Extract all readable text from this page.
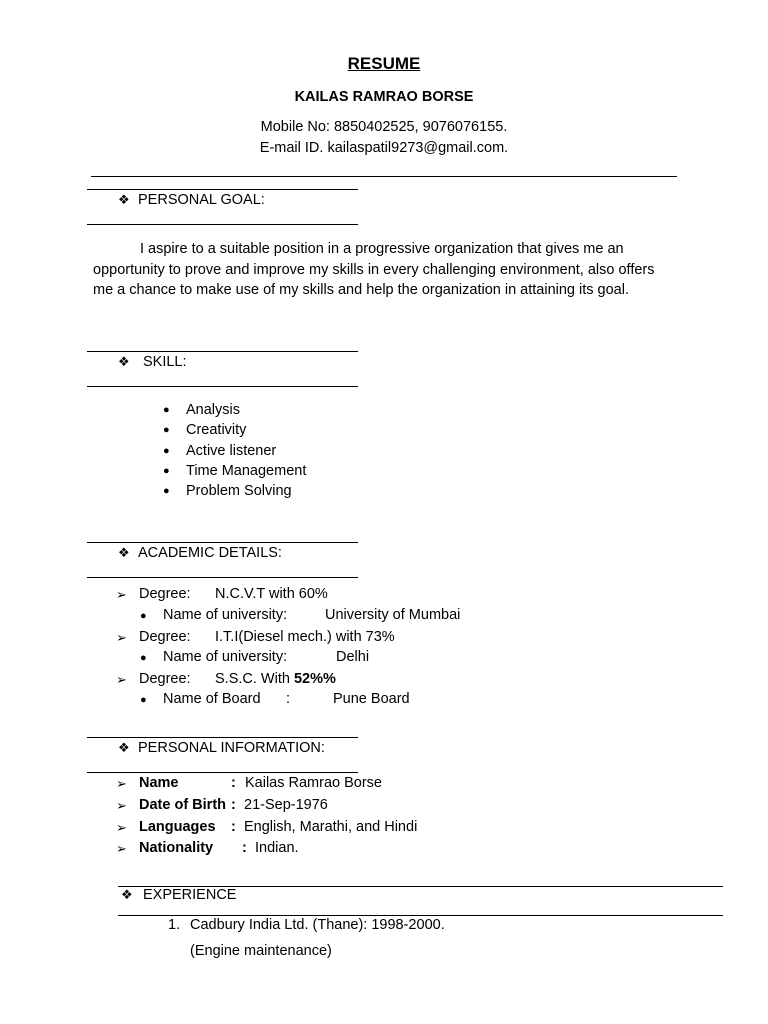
RESUME
KAILAS RAMRAO BORSE
Mobile No: 8850402525, 9076076155.
E-mail ID. kailaspatil9273@gmail.com.
❖ PERSONAL GOAL:
I aspire to a suitable position in a progressive organization that gives me an opportunity to prove and improve my skills in every challenging environment, also offers me a chance to make use of my skills and help the organization in attaining its goal.
❖ SKILL:
● Analysis
● Creativity
● Active listener
● Time Management
● Problem Solving
❖ ACADEMIC DETAILS:
➢ Degree: N.C.V.T with 60%
● Name of university:	University of Mumbai
➢ Degree: I.T.I(Diesel mech.) with 73%
● Name of university:	Delhi
➢ Degree: S.S.C. With 52%%
● Name of Board :	Pune Board
❖ PERSONAL INFORMATION:
➢ Name	: Kailas Ramrao Borse
➢ Date of Birth : 21-Sep-1976
➢ Languages : English, Marathi, and Hindi
➢ Nationality : Indian.
❖ EXPERIENCE
1. Cadbury India Ltd. (Thane): 1998-2000.
(Engine maintenance)
